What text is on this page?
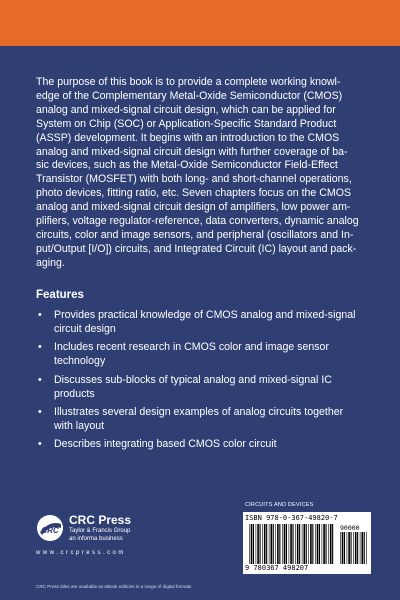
The purpose of this book is to provide a complete working knowl-
edge of the Complementary Metal-Oxide Semiconductor (CMOS)
analog and mixed-signal circuit design, which can be applied for
System on Chip (SOC) or Application-Specific Standard Product
(ASSP) development. It begins with an introduction to the CMOS
analog and mixed-signal circuit design with further coverage of ba-
sic devices, such as the Metal-Oxide Semiconductor Field-Effect
Transistor (MOSFET) with both long- and short-channel operations,
photo devices, fitting ratio, etc. Seven chapters focus on the CMOS
analog and mixed-signal circuit design of amplifiers, low power am-
plifiers, voltage regulator-reference, data converters, dynamic analog
circuits, color and image sensors, and peripheral (oscillators and In-
put/Output [I/O]) circuits, and Integrated Circuit (IC) layout and pack-
aging.

Features
• Provides practical knowledge of CMOS analog and mixed-signal
circuit design
• Includes recent research in CMOS color and image sensor
technology
• Discusses sub-blocks of typical analog and mixed-signal IC
products
• Illustrates several design examples of analog circuits together
with layout
• Describes integrating based CMOS color circuit
CRC
CRC Press
Taylor & Francis Group
an informa business
w w w . c r c p r e s s . c o m
CRC Press titles are available as eBook editions in a range of digital formats
CIRCUITS AND DEVICES
ISBN 978-0-367-49820-7
90000
9 780367 498207
